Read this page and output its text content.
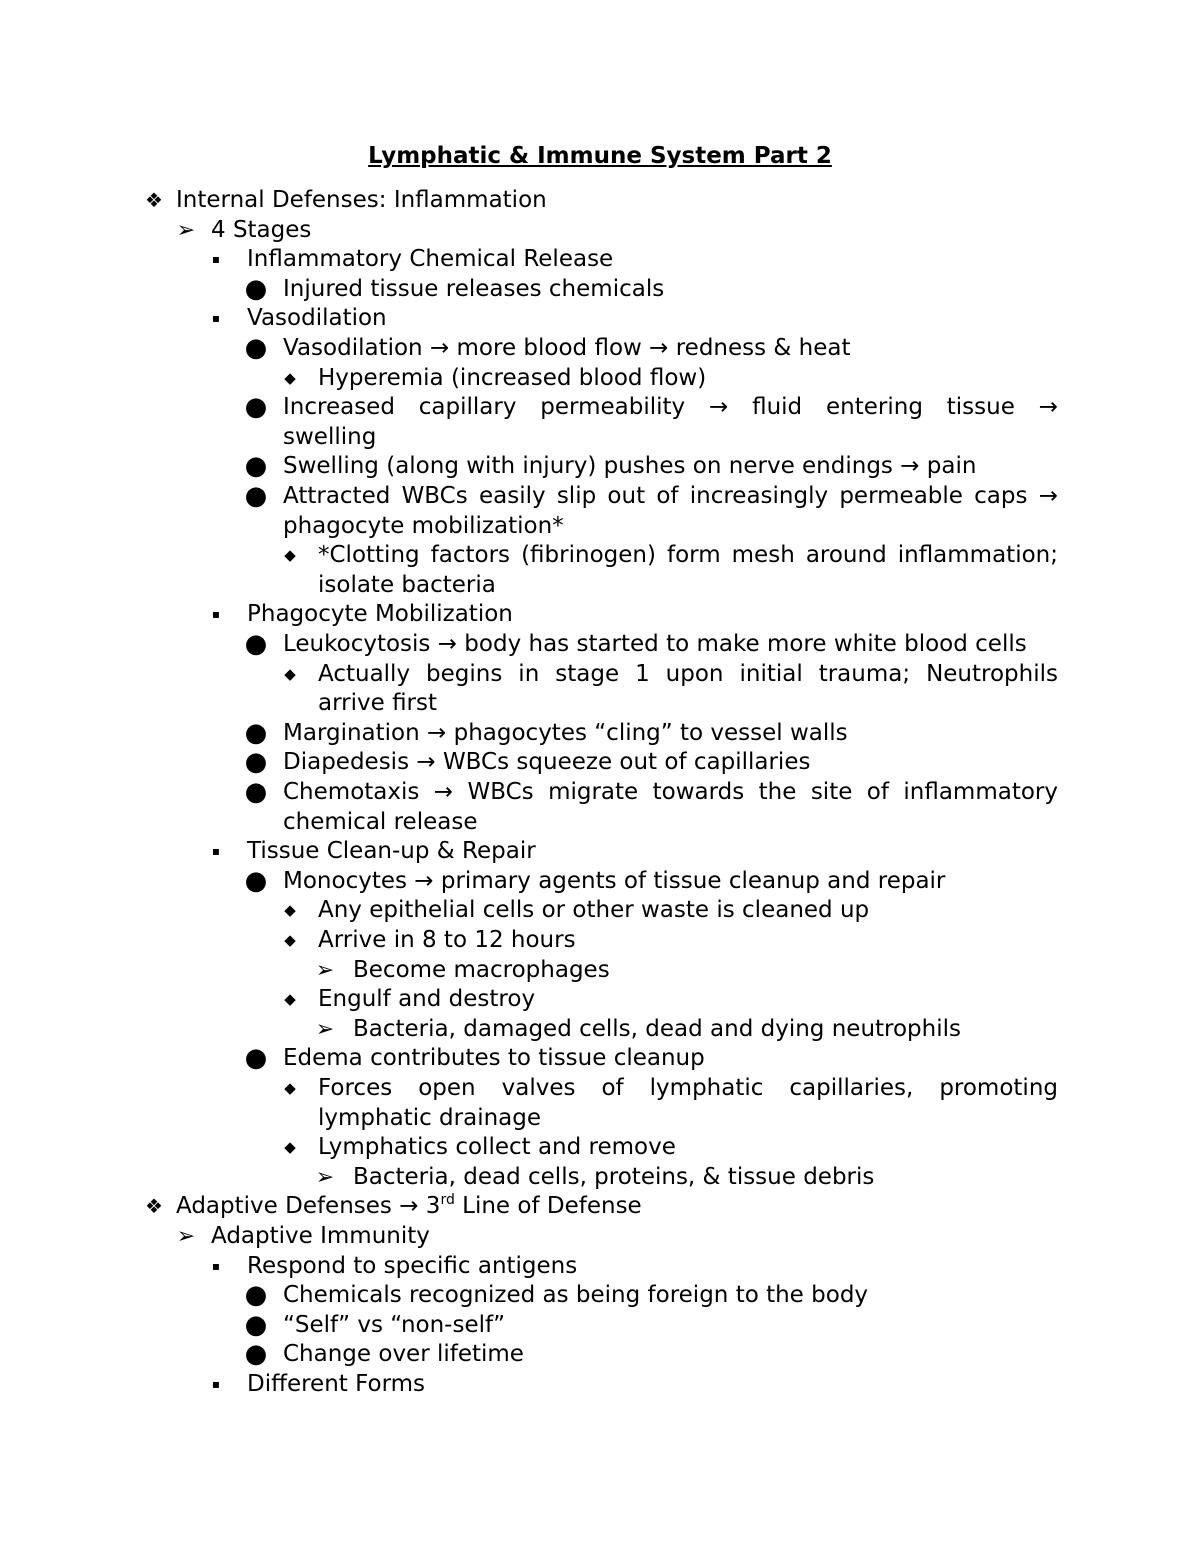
Lymphatic & Immune System Part 2
❖ Internal Defenses: Inflammation
➢ 4 Stages
▪	Inflammatory Chemical Release
● Injured tissue releases chemicals
▪	Vasodilation
● Vasodilation → more blood flow → redness & heat
◆ Hyperemia (increased blood flow)
● Increased capillary permeability → fluid entering tissue →
swelling
● Swelling (along with injury) pushes on nerve endings → pain
● Attracted WBCs easily slip out of increasingly permeable caps →
phagocyte mobilization*
◆ *Clotting factors (fibrinogen) form mesh around inflammation;
isolate bacteria
▪	Phagocyte Mobilization
● Leukocytosis → body has started to make more white blood cells
◆ Actually begins in stage 1 upon initial trauma; Neutrophils
arrive first
● Margination → phagocytes “cling” to vessel walls
● Diapedesis → WBCs squeeze out of capillaries
● Chemotaxis → WBCs migrate towards the site of inflammatory
chemical release
▪	Tissue Clean-up & Repair
● Monocytes → primary agents of tissue cleanup and repair
◆ Any epithelial cells or other waste is cleaned up
◆ Arrive in 8 to 12 hours
➢ Become macrophages
◆ Engulf and destroy
➢ Bacteria, damaged cells, dead and dying neutrophils
● Edema contributes to tissue cleanup
◆ Forces open valves of lymphatic capillaries, promoting
lymphatic drainage
◆ Lymphatics collect and remove
➢ Bacteria, dead cells, proteins, & tissue debris
❖ Adaptive Defenses → 3rd Line of Defense
➢ Adaptive Immunity
▪	Respond to specific antigens
● Chemicals recognized as being foreign to the body
● “Self” vs “non-self”
● Change over lifetime
▪	Different Forms
